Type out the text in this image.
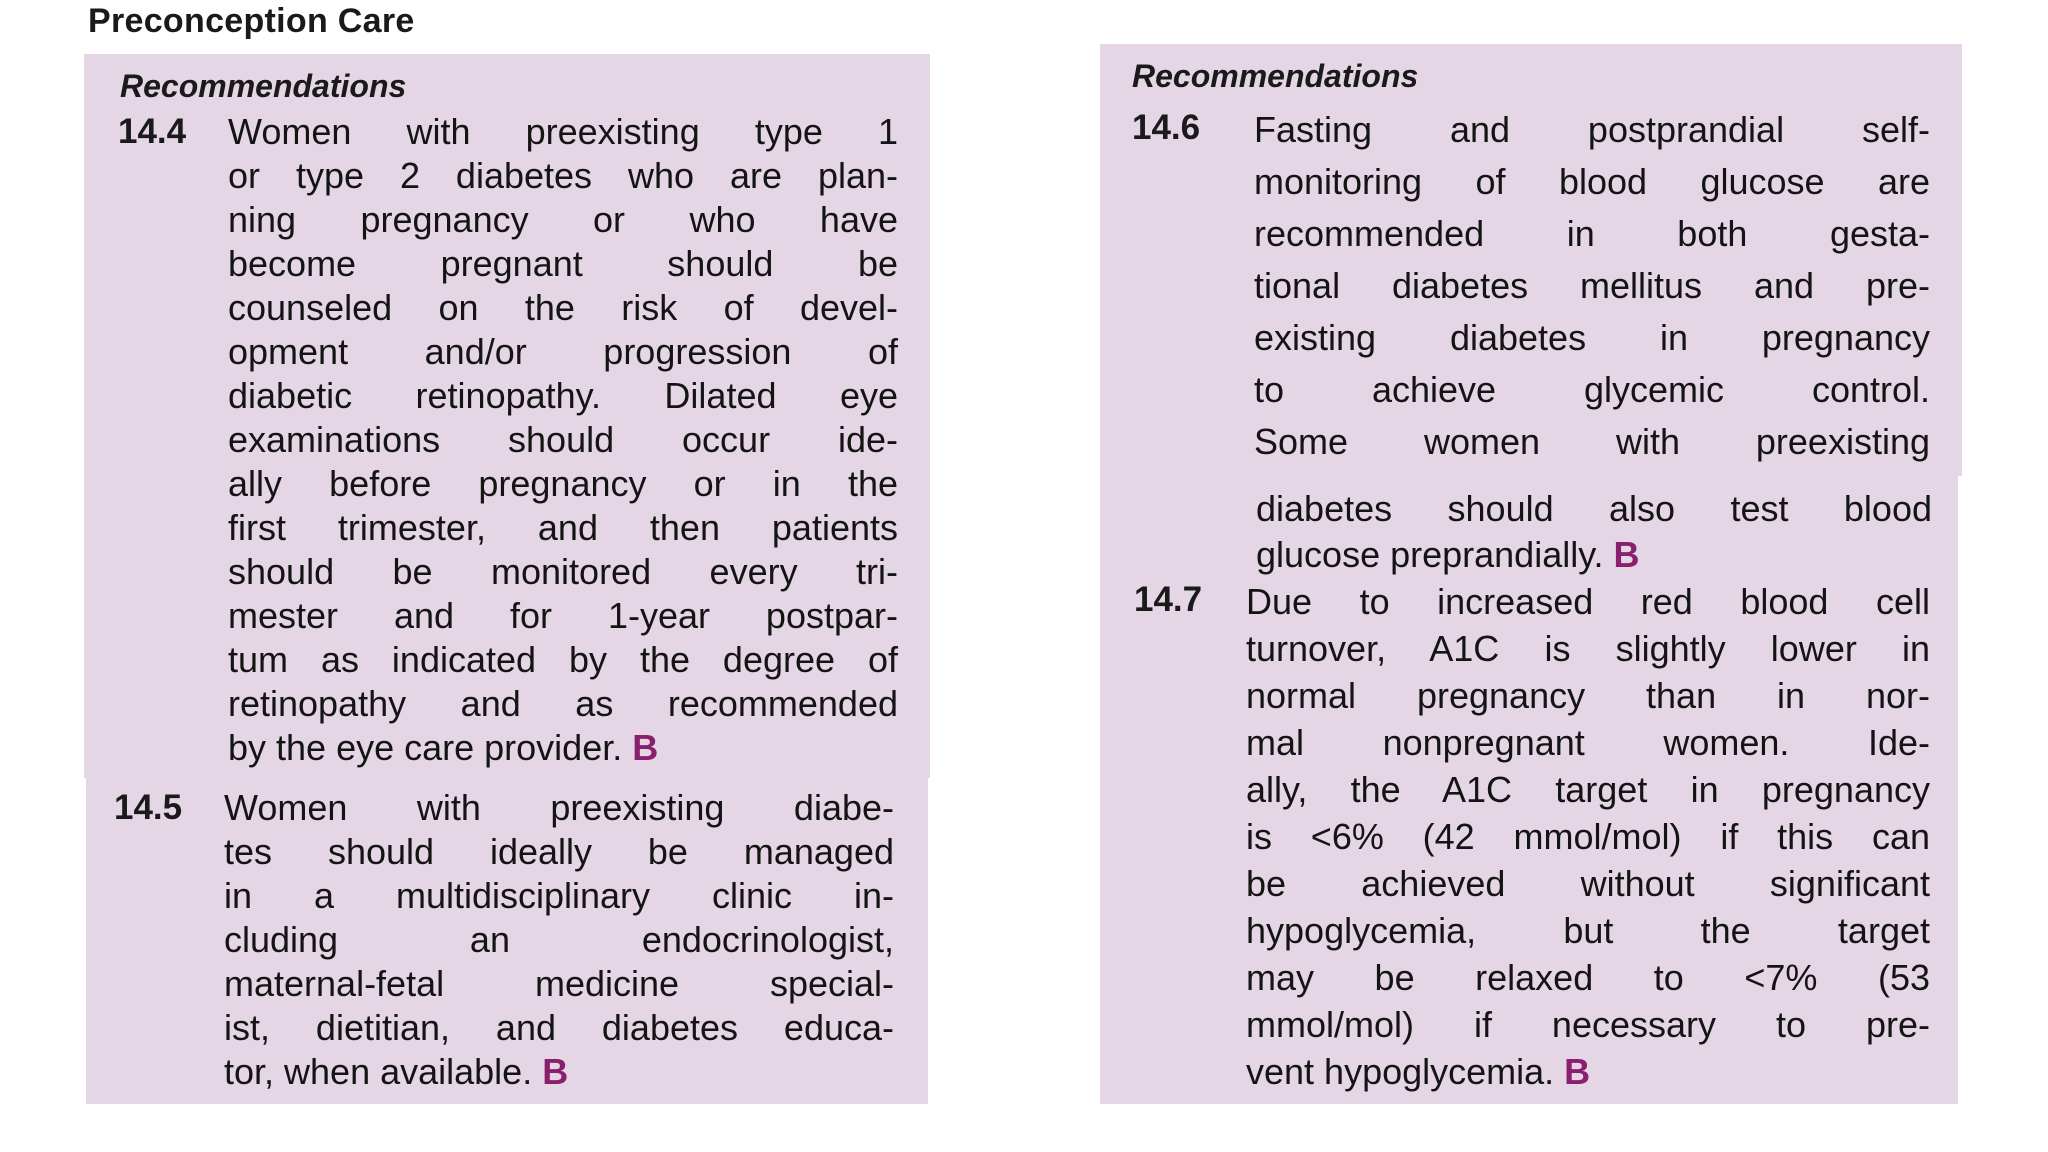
Preconception Care
Recommendations
14.4 Women with preexisting type 1
or type 2 diabetes who are plan-
ning pregnancy or who have
become pregnant should be
counseled on the risk of devel-
opment and/or progression of
diabetic retinopathy. Dilated eye
examinations should occur ide-
ally before pregnancy or in the
first trimester, and then patients
should be monitored every tri-
mester and for 1-year postpar-
tum as indicated by the degree of
retinopathy and as recommended
by the eye care provider. B
14.5 Women with preexisting diabe-
tes should ideally be managed
in a multidisciplinary clinic in-
cluding an endocrinologist,
maternal-fetal medicine special-
ist, dietitian, and diabetes educa-
tor, when available. B
Recommendations
14.6 Fasting and postprandial self-
monitoring of blood glucose are
recommended in both gesta-
tional diabetes mellitus and pre-
existing diabetes in pregnancy
to achieve glycemic control.
Some women with preexisting
diabetes should also test blood
glucose preprandially. B
14.7 Due to increased red blood cell
turnover, A1C is slightly lower in
normal pregnancy than in nor-
mal nonpregnant women. Ide-
ally, the A1C target in pregnancy
is <6% (42 mmol/mol) if this can
be achieved without significant
hypoglycemia, but the target
may be relaxed to <7% (53
mmol/mol) if necessary to pre-
vent hypoglycemia. B
